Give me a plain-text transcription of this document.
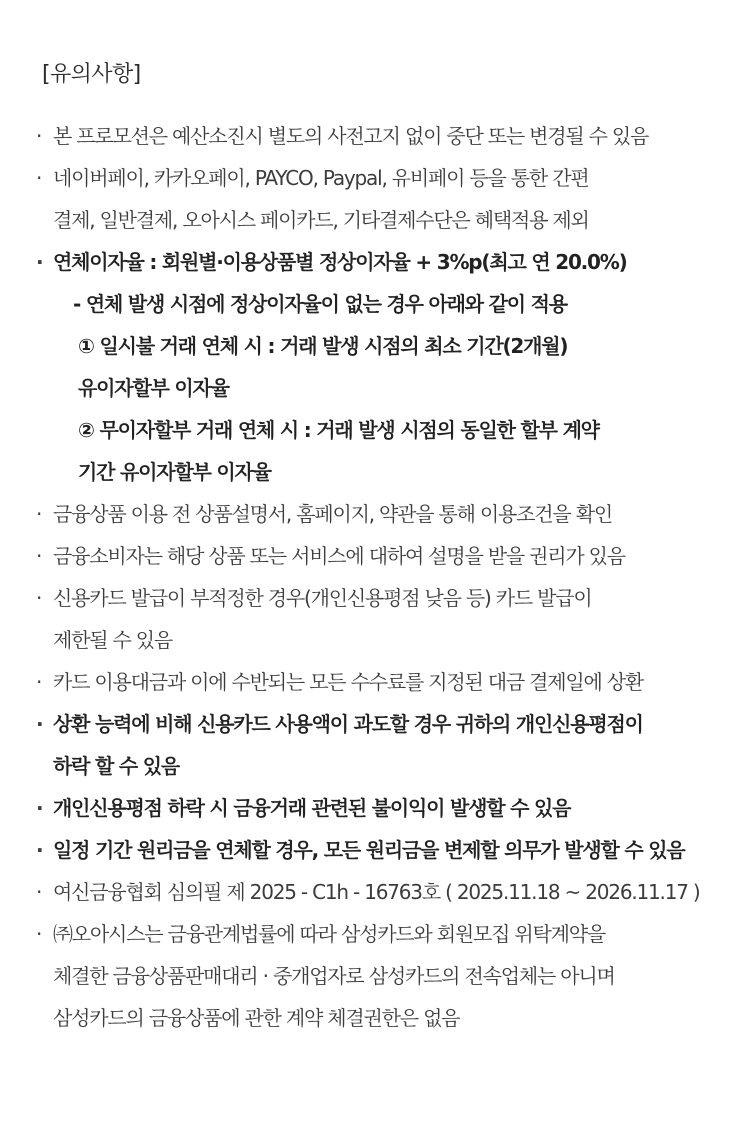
[유의사항]
· 본 프로모션은 예산소진시 별도의 사전고지 없이 중단 또는 변경될 수 있음
· 네이버페이, 카카오페이, PAYCO, Paypal, 유비페이 등을 통한 간편
결제, 일반결제, 오아시스 페이카드, 기타결제수단은 혜택적용 제외
· 연체이자율 : 회원별·이용상품별 정상이자율 + 3%p(최고 연 20.0%)
- 연체 발생 시점에 정상이자율이 없는 경우 아래와 같이 적용
① 일시불 거래 연체 시 : 거래 발생 시점의 최소 기간(2개월)
유이자할부 이자율
② 무이자할부 거래 연체 시 : 거래 발생 시점의 동일한 할부 계약
기간 유이자할부 이자율
· 금융상품 이용 전 상품설명서, 홈페이지, 약관을 통해 이용조건을 확인
· 금융소비자는 해당 상품 또는 서비스에 대하여 설명을 받을 권리가 있음
· 신용카드 발급이 부적정한 경우(개인신용평점 낮음 등) 카드 발급이
제한될 수 있음
· 카드 이용대금과 이에 수반되는 모든 수수료를 지정된 대금 결제일에 상환
· 상환 능력에 비해 신용카드 사용액이 과도할 경우 귀하의 개인신용평점이
하락 할 수 있음
· 개인신용평점 하락 시 금융거래 관련된 불이익이 발생할 수 있음
· 일정 기간 원리금을 연체할 경우, 모든 원리금을 변제할 의무가 발생할 수 있음
· 여신금융협회 심의필 제 2025 - C1h - 16763호 ( 2025.11.18 ~ 2026.11.17 )
· ㈜오아시스는 금융관계법률에 따라 삼성카드와 회원모집 위탁계약을
체결한 금융상품판매대리 · 중개업자로 삼성카드의 전속업체는 아니며
삼성카드의 금융상품에 관한 계약 체결권한은 없음
